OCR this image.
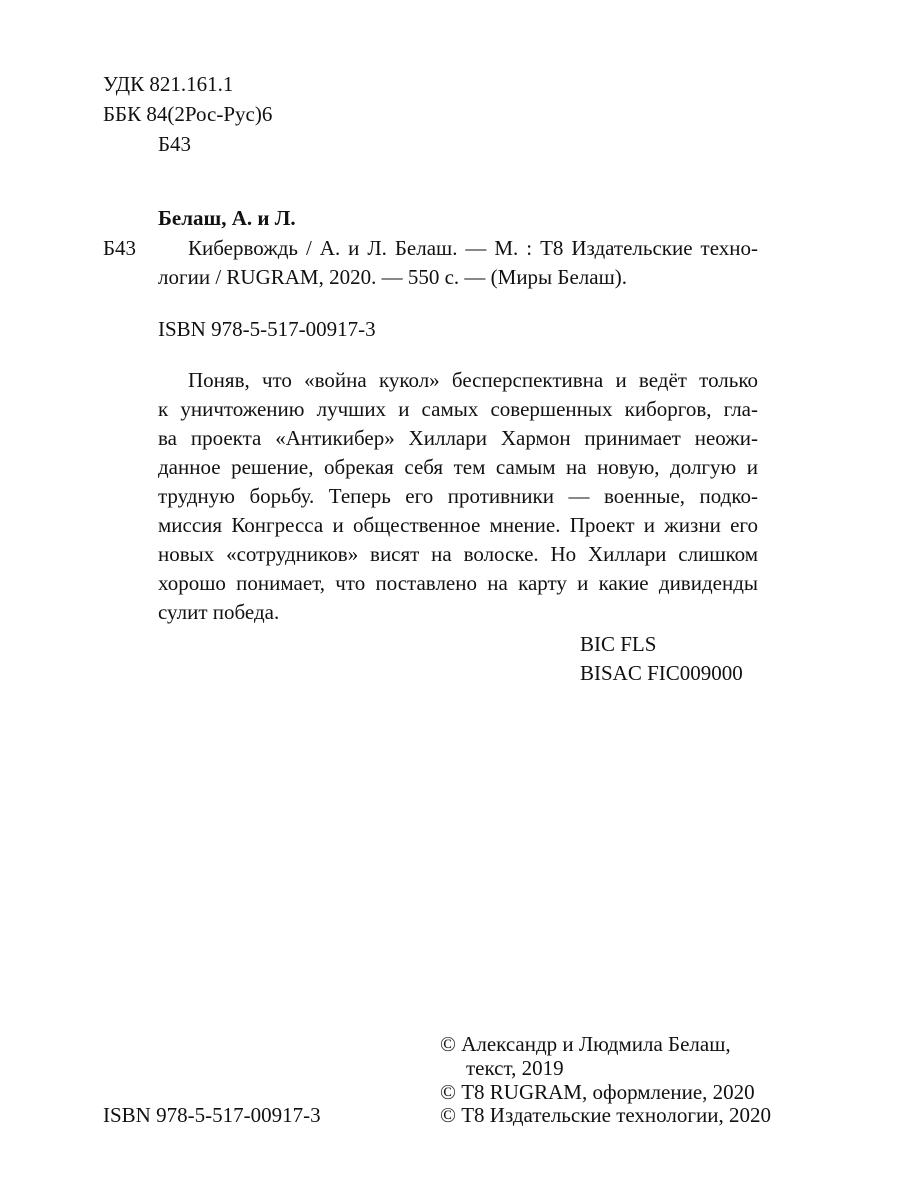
УДК 821.161.1
ББК 84(2Рос-Рус)6
Б43
Белаш, А. и Л.
Б43 Кибервождь / А. и Л. Белаш. — М. : Т8 Издательские техно-
логии / RUGRAM, 2020. — 550 с. — (Миры Белаш).
ISBN 978-5-517-00917-3
Поняв, что «война кукол» бесперспективна и ведёт только
к уничтожению лучших и самых совершенных киборгов, гла-
ва проекта «Антикибер» Хиллари Хармон принимает неожи-
данное решение, обрекая себя тем самым на новую, долгую и
трудную борьбу. Теперь его противники — военные, подко-
миссия Конгресса и общественное мнение. Проект и жизни его
новых «сотрудников» висят на волоске. Но Хиллари слишком
хорошо понимает, что поставлено на карту и какие дивиденды
сулит победа.
BIC FLS
BISAC FIC009000
ISBN 978-5-517-00917-3
© Александр и Людмила Белаш,
текст, 2019
© Т8 RUGRAM, оформление, 2020
© Т8 Издательские технологии, 2020
